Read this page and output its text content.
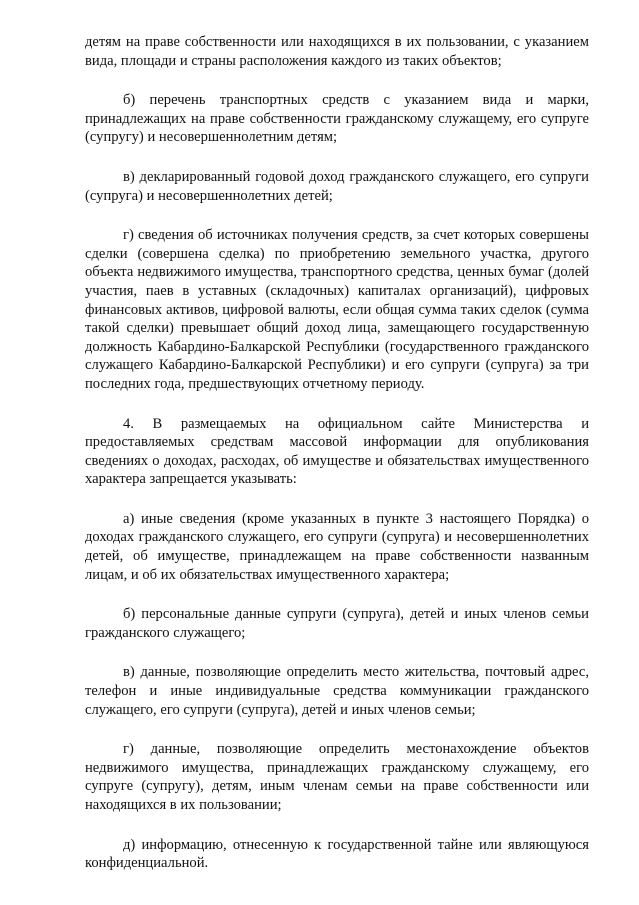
детям на праве собственности или находящихся в их пользовании, с указанием вида, площади и страны расположения каждого из таких объектов;

б) перечень транспортных средств с указанием вида и марки, принадлежащих на праве собственности гражданскому служащему, его супруге (супругу) и несовершеннолетним детям;

в) декларированный годовой доход гражданского служащего, его супруги (супруга) и несовершеннолетних детей;

г) сведения об источниках получения средств, за счет которых совершены сделки (совершена сделка) по приобретению земельного участка, другого объекта недвижимого имущества, транспортного средства, ценных бумаг (долей участия, паев в уставных (складочных) капиталах организаций), цифровых финансовых активов, цифровой валюты, если общая сумма таких сделок (сумма такой сделки) превышает общий доход лица, замещающего государственную должность Кабардино-Балкарской Республики (государственного гражданского служащего Кабардино-Балкарской Республики) и его супруги (супруга) за три последних года, предшествующих отчетному периоду.

4. В размещаемых на официальном сайте Министерства и предоставляемых средствам массовой информации для опубликования сведениях о доходах, расходах, об имуществе и обязательствах имущественного характера запрещается указывать:

а) иные сведения (кроме указанных в пункте 3 настоящего Порядка) о доходах гражданского служащего, его супруги (супруга) и несовершеннолетних детей, об имуществе, принадлежащем на праве собственности названным лицам, и об их обязательствах имущественного характера;

б) персональные данные супруги (супруга), детей и иных членов семьи гражданского служащего;

в) данные, позволяющие определить место жительства, почтовый адрес, телефон и иные индивидуальные средства коммуникации гражданского служащего, его супруги (супруга), детей и иных членов семьи;

г) данные, позволяющие определить местонахождение объектов недвижимого имущества, принадлежащих гражданскому служащему, его супруге (супругу), детям, иным членам семьи на праве собственности или находящихся в их пользовании;

д) информацию, отнесенную к государственной тайне или являющуюся конфиденциальной.
